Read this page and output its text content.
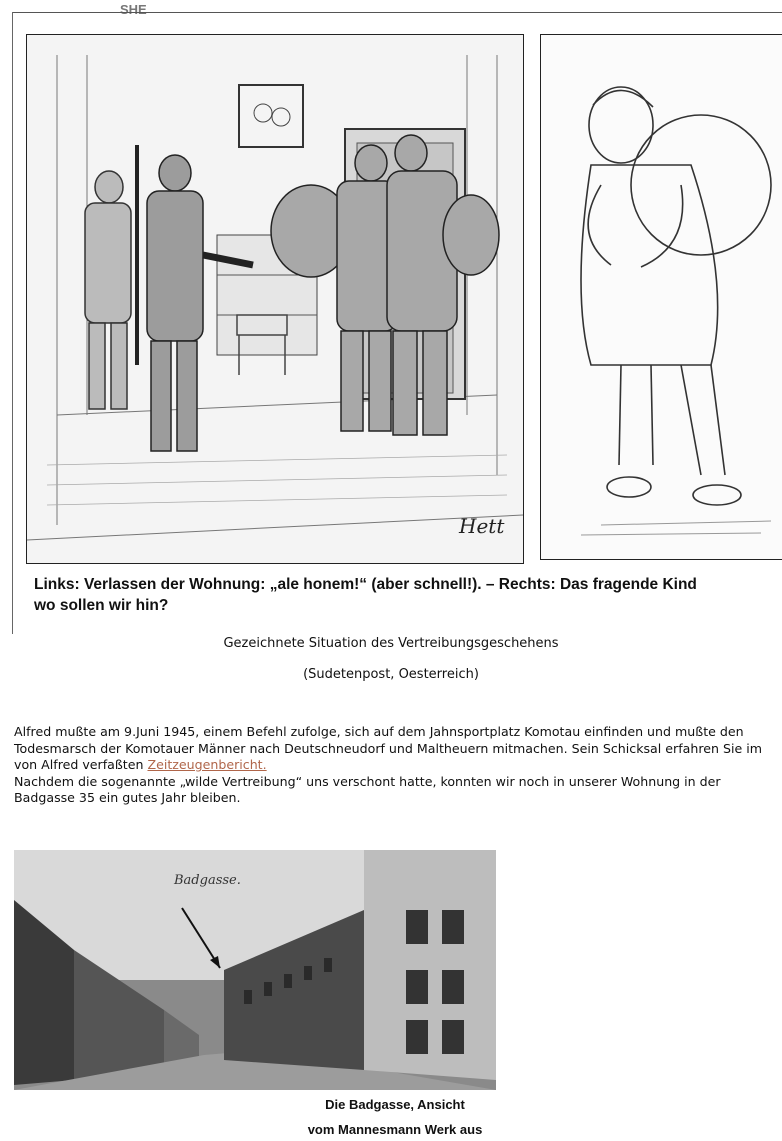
SHE
Hett
Links: Verlassen der Wohnung: „ale honem!“ (aber schnell!). – Rechts: Das fragende Kind
wo sollen wir hin?
Gezeichnete Situation des Vertreibungsgeschehens
(Sudetenpost, Oesterreich)

Alfred mußte am 9.Juni 1945, einem Befehl zufolge, sich auf dem Jahnsportplatz Komotau einfinden und mußte den Todesmarsch der Komotauer Männer nach Deutschneudorf und Maltheuern mitmachen. Sein Schicksal erfahren Sie im von Alfred verfaßten Zeitzeugenbericht.

Nachdem die sogenannte „wilde Vertreibung“ uns verschont hatte, konnten wir noch in unserer Wohnung in der Badgasse 35 ein gutes Jahr bleiben.

Badgasse.
Die Badgasse, Ansicht
vom Mannesmann Werk aus
